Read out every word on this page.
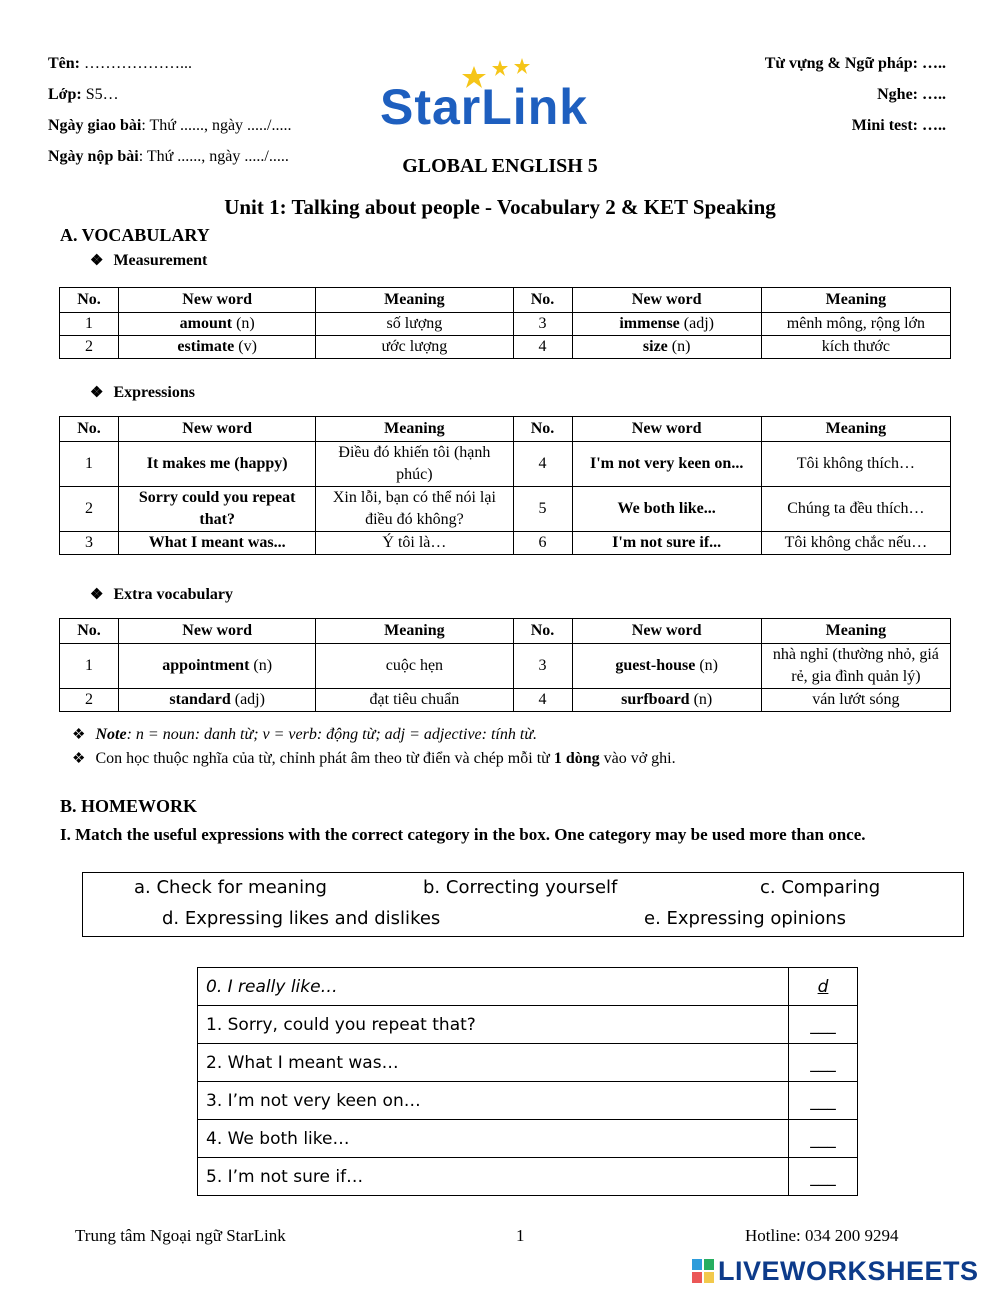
Tên: ………………...
Lớp: S5…
Ngày giao bài: Thứ ......, ngày ...../.....
Ngày nộp bài: Thứ ......, ngày ...../.....
Từ vựng & Ngữ pháp: …..
Nghe: …..
Mini test: …..
StarLink
GLOBAL ENGLISH 5
Unit 1: Talking about people - Vocabulary 2 & KET Speaking
A. VOCABULARY
❖ Measurement
No.	New word	Meaning	No.	New word	Meaning
1	amount (n)	số lượng	3	immense (adj)	mênh mông, rộng lớn
2	estimate (v)	ước lượng	4	size (n)	kích thước
❖ Expressions
No.	New word	Meaning	No.	New word	Meaning
1	It makes me (happy)	Điều đó khiến tôi (hạnh phúc)	4	I'm not very keen on...	Tôi không thích…
2	Sorry could you repeat that?	Xin lỗi, bạn có thể nói lại điều đó không?	5	We both like...	Chúng ta đều thích…
3	What I meant was...	Ý tôi là…	6	I'm not sure if...	Tôi không chắc nếu…
❖ Extra vocabulary
No.	New word	Meaning	No.	New word	Meaning
1	appointment (n)	cuộc hẹn	3	guest-house (n)	nhà nghỉ (thường nhỏ, giá rẻ, gia đình quản lý)
2	standard (adj)	đạt tiêu chuẩn	4	surfboard (n)	ván lướt sóng
❖ Note: n = noun: danh từ; v = verb: động từ; adj = adjective: tính từ.
❖ Con học thuộc nghĩa của từ, chỉnh phát âm theo từ điển và chép mỗi từ 1 dòng vào vở ghi.
B. HOMEWORK
I. Match the useful expressions with the correct category in the box. One category may be used more than once.
a. Check for meaning	b. Correcting yourself	c. Comparing
d. Expressing likes and dislikes	e. Expressing opinions
0. I really like…	d
1. Sorry, could you repeat that?	___
2. What I meant was…	___
3. I’m not very keen on…	___
4. We both like…	___
5. I’m not sure if…	___
Trung tâm Ngoại ngữ StarLink	1	Hotline: 034 200 9294
LIVEWORKSHEETS
